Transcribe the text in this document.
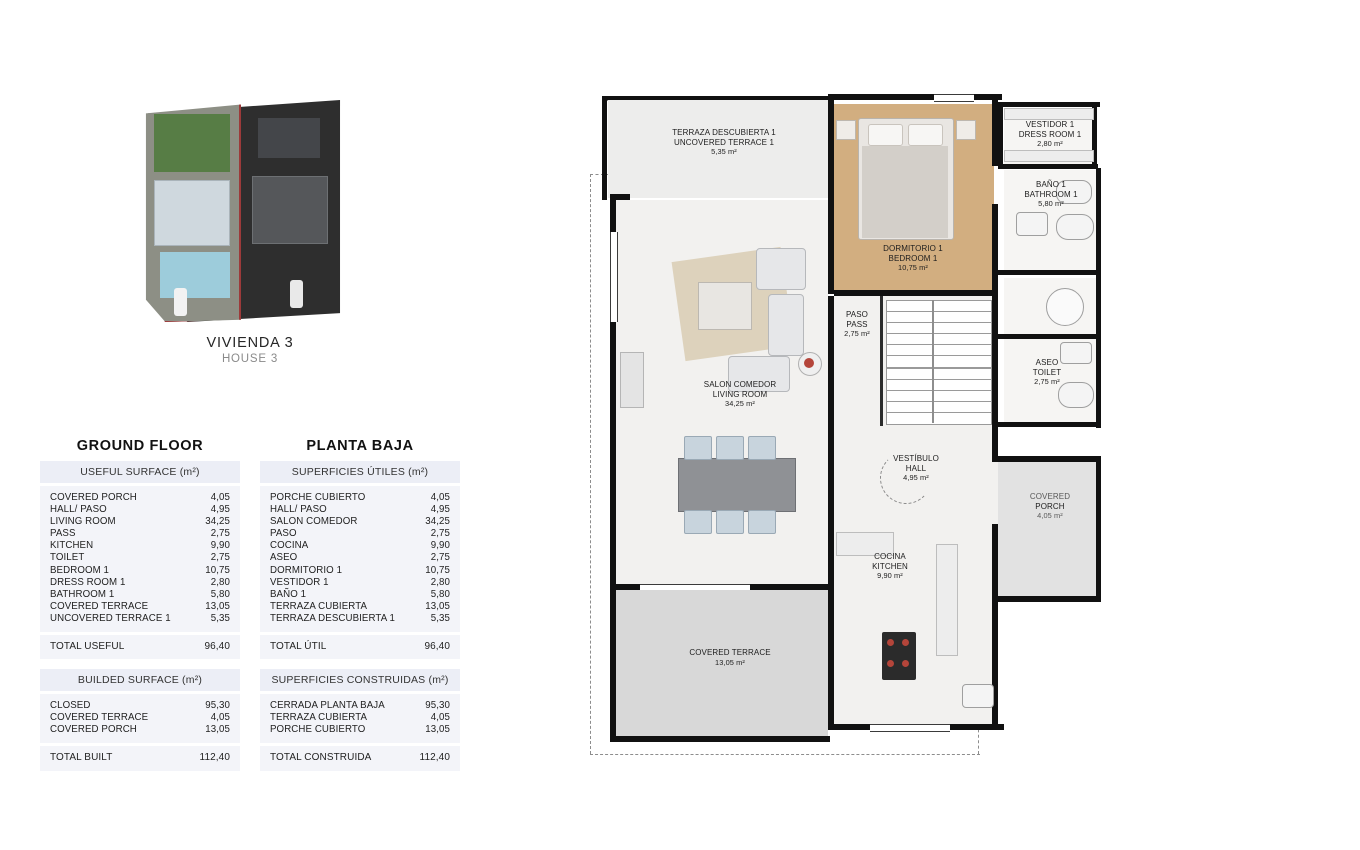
VIVIENDA 3
HOUSE 3
GROUND FLOOR
USEFUL SURFACE (m²)
COVERED PORCH	4,05
HALL/ PASO	4,95
LIVING ROOM	34,25
PASS	2,75
KITCHEN	9,90
TOILET	2,75
BEDROOM 1	10,75
DRESS ROOM 1	2,80
BATHROOM 1	5,80
COVERED TERRACE	13,05
UNCOVERED TERRACE 1	5,35
TOTAL USEFUL	96,40
BUILDED SURFACE (m²)
CLOSED	95,30
COVERED TERRACE	4,05
COVERED PORCH	13,05
TOTAL BUILT	112,40
PLANTA BAJA
SUPERFICIES ÚTILES (m²)
PORCHE CUBIERTO	4,05
HALL/ PASO	4,95
SALON COMEDOR	34,25
PASO	2,75
COCINA	9,90
ASEO	2,75
DORMITORIO 1	10,75
VESTIDOR 1	2,80
BAÑO 1	5,80
TERRAZA CUBIERTA	13,05
TERRAZA DESCUBIERTA 1	5,35
TOTAL ÚTIL	96,40
SUPERFICIES CONSTRUIDAS (m²)
CERRADA PLANTA BAJA	95,30
TERRAZA CUBIERTA	4,05
PORCHE CUBIERTO	13,05
TOTAL CONSTRUIDA	112,40
TERRAZA DESCUBIERTA 1
UNCOVERED TERRACE 1
5,35 m²
DORMITORIO 1
BEDROOM 1
10,75 m²
VESTIDOR 1
DRESS ROOM 1
2,80 m²
BAÑO 1
BATHROOM 1
5,80 m²
ASEO
TOILET
2,75 m²
PASO
PASS
2,75 m²
SALON COMEDOR
LIVING ROOM
34,25 m²
VESTÍBULO
HALL
4,95 m²
COVERED
PORCH
4,05 m²
COCINA
KITCHEN
9,90 m²
COVERED TERRACE
13,05 m²
